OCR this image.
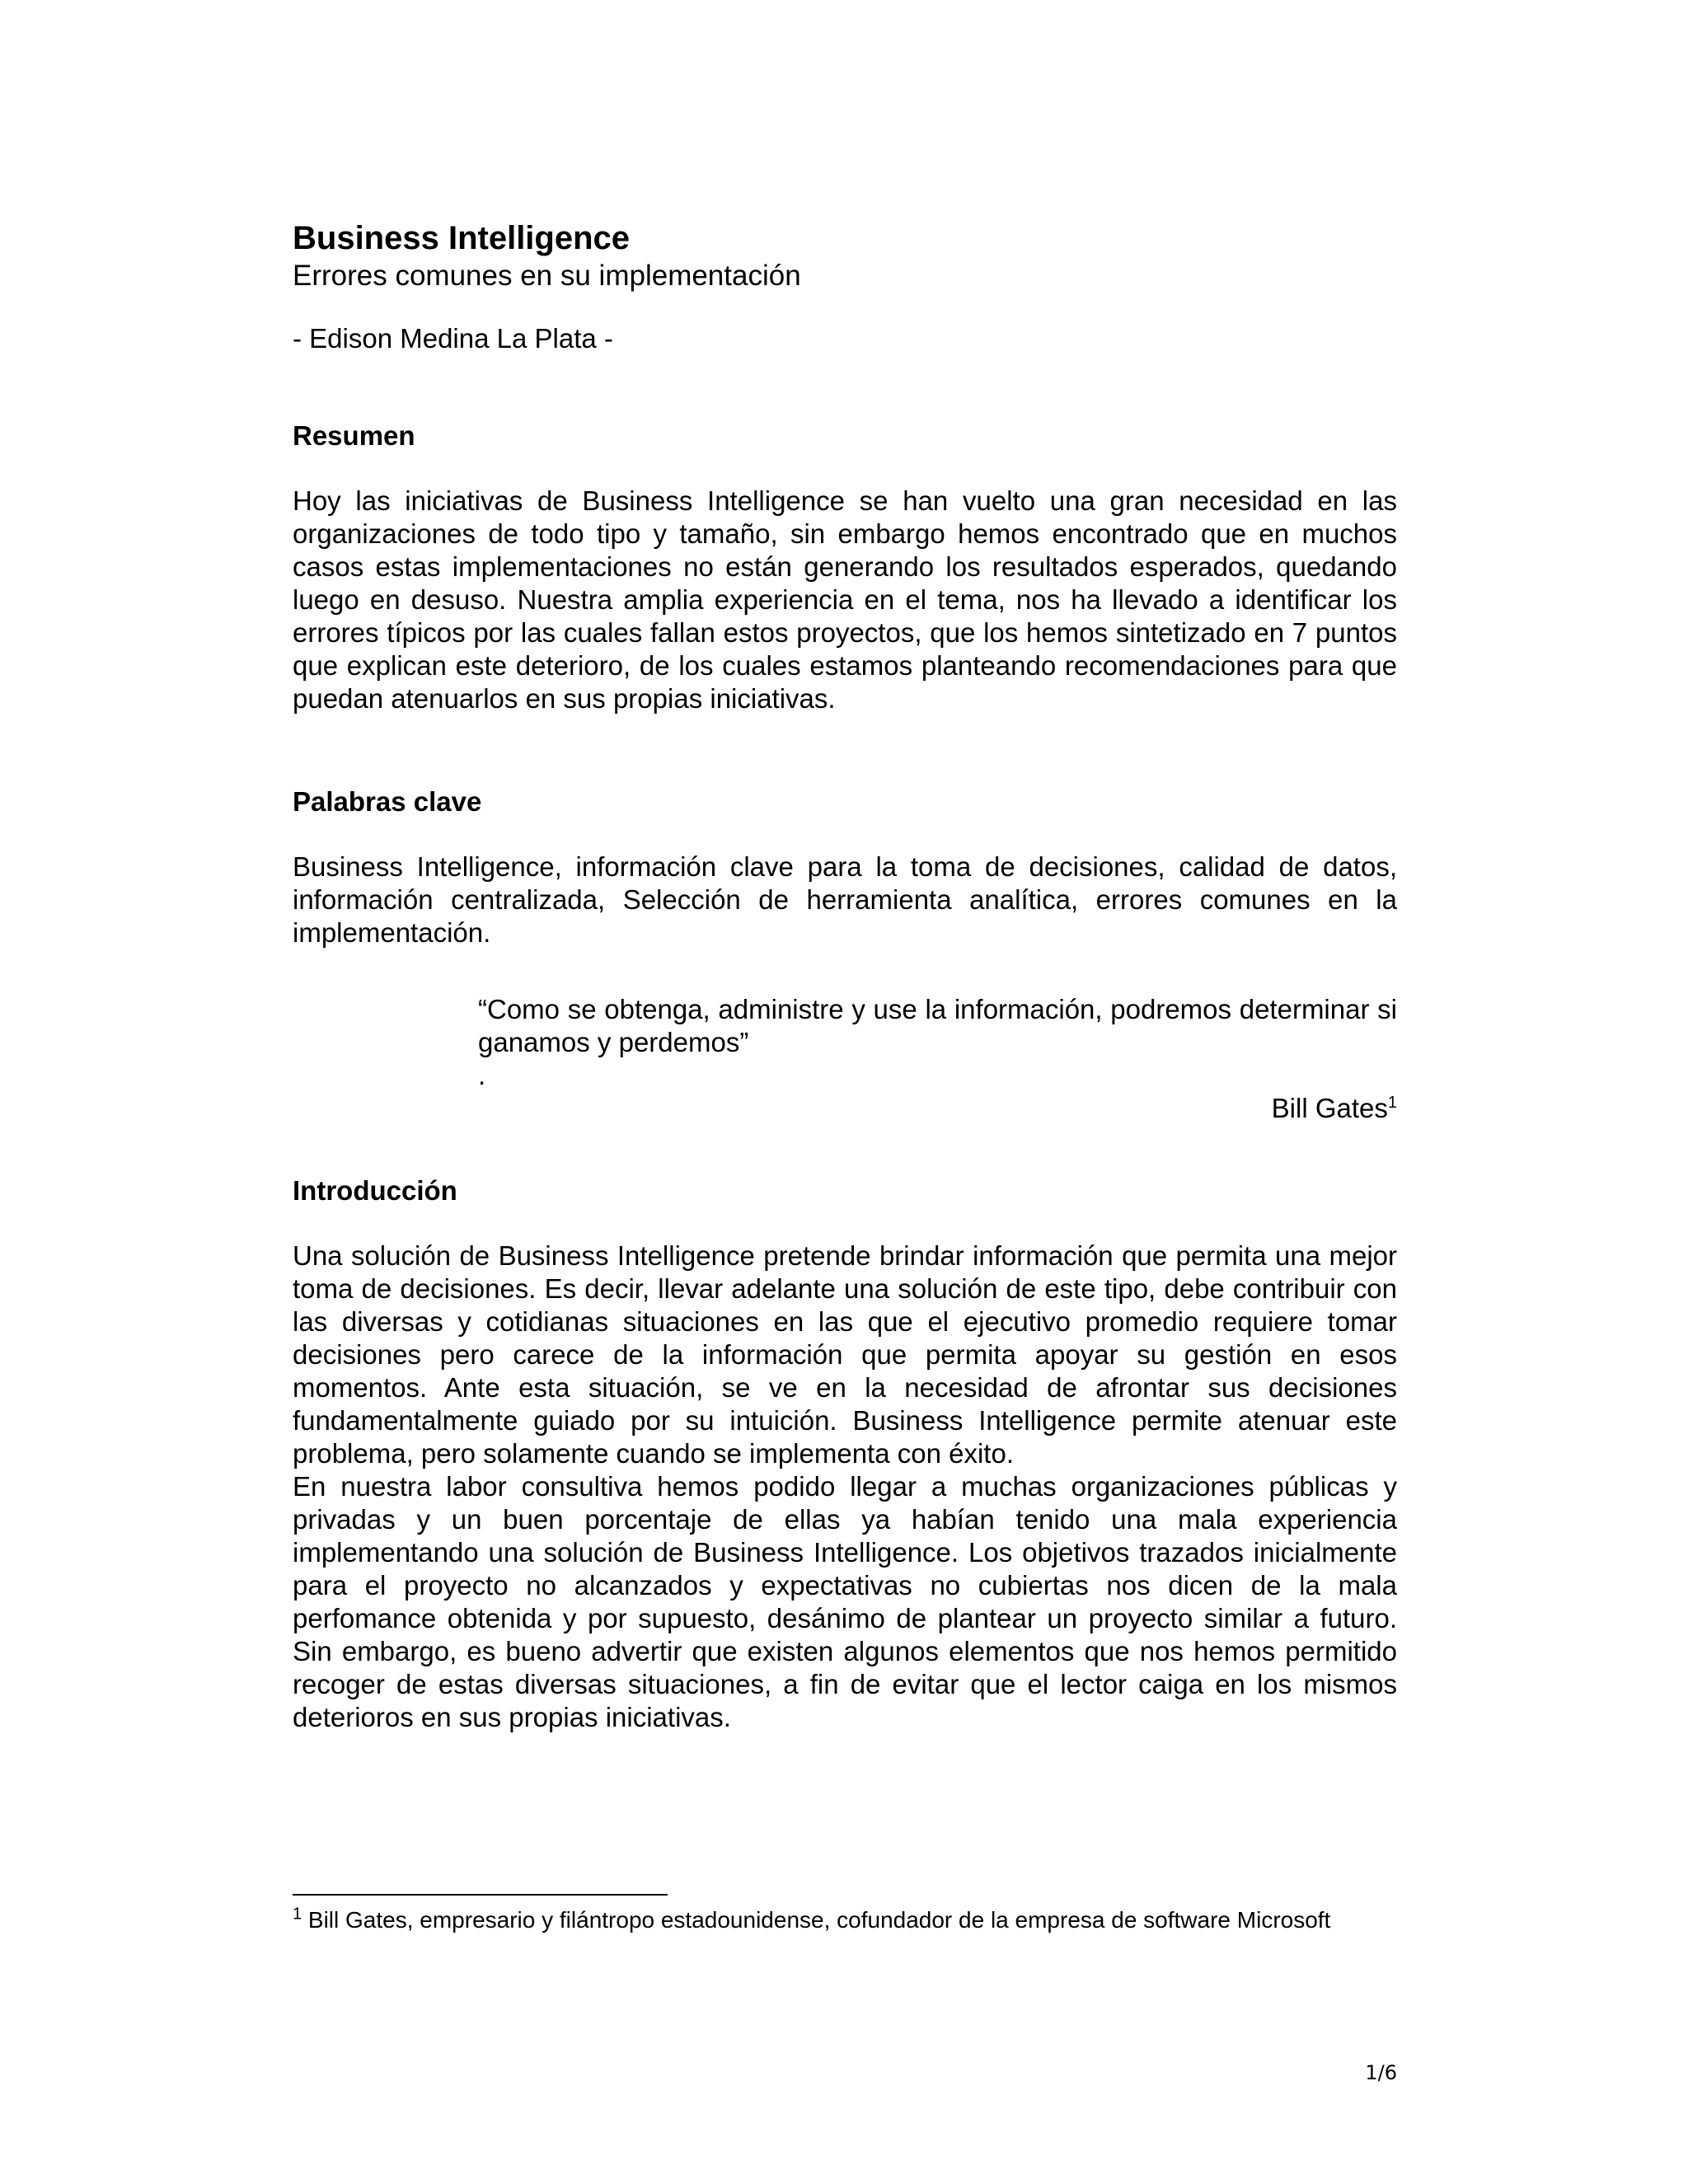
Business Intelligence

Errores comunes en su implementación

- Edison Medina La Plata -

Resumen

Hoy las iniciativas de Business Intelligence se han vuelto una gran necesidad en las organizaciones de todo tipo y tamaño, sin embargo hemos encontrado que en muchos casos estas implementaciones no están generando los resultados esperados, quedando luego en desuso. Nuestra amplia experiencia en el tema, nos ha llevado a identificar los errores típicos por las cuales fallan estos proyectos, que los hemos sintetizado en 7 puntos que explican este deterioro, de los cuales estamos planteando recomendaciones para que puedan atenuarlos en sus propias iniciativas.

Palabras clave

Business Intelligence, información clave para la toma de decisiones, calidad de datos, información centralizada, Selección de herramienta analítica, errores comunes en la implementación.

“Como se obtenga, administre y use la información, podremos determinar si ganamos y perdemos”

.

Bill Gates$^1$

Introducción

Una solución de Business Intelligence pretende brindar información que permita una mejor toma de decisiones. Es decir, llevar adelante una solución de este tipo, debe contribuir con las diversas y cotidianas situaciones en las que el ejecutivo promedio requiere tomar decisiones pero carece de la información que permita apoyar su gestión en esos momentos. Ante esta situación, se ve en la necesidad de afrontar sus decisiones fundamentalmente guiado por su intuición. Business Intelligence permite atenuar este problema, pero solamente cuando se implementa con éxito.

En nuestra labor consultiva hemos podido llegar a muchas organizaciones públicas y privadas y un buen porcentaje de ellas ya habían tenido una mala experiencia implementando una solución de Business Intelligence. Los objetivos trazados inicialmente para el proyecto no alcanzados y expectativas no cubiertas nos dicen de la mala perfomance obtenida y por supuesto, desánimo de plantear un proyecto similar a futuro. Sin embargo, es bueno advertir que existen algunos elementos que nos hemos permitido recoger de estas diversas situaciones, a fin de evitar que el lector caiga en los mismos deterioros en sus propias iniciativas.

$^1$ Bill Gates, empresario y filántropo estadounidense, cofundador de la empresa de software Microsoft

1/6
